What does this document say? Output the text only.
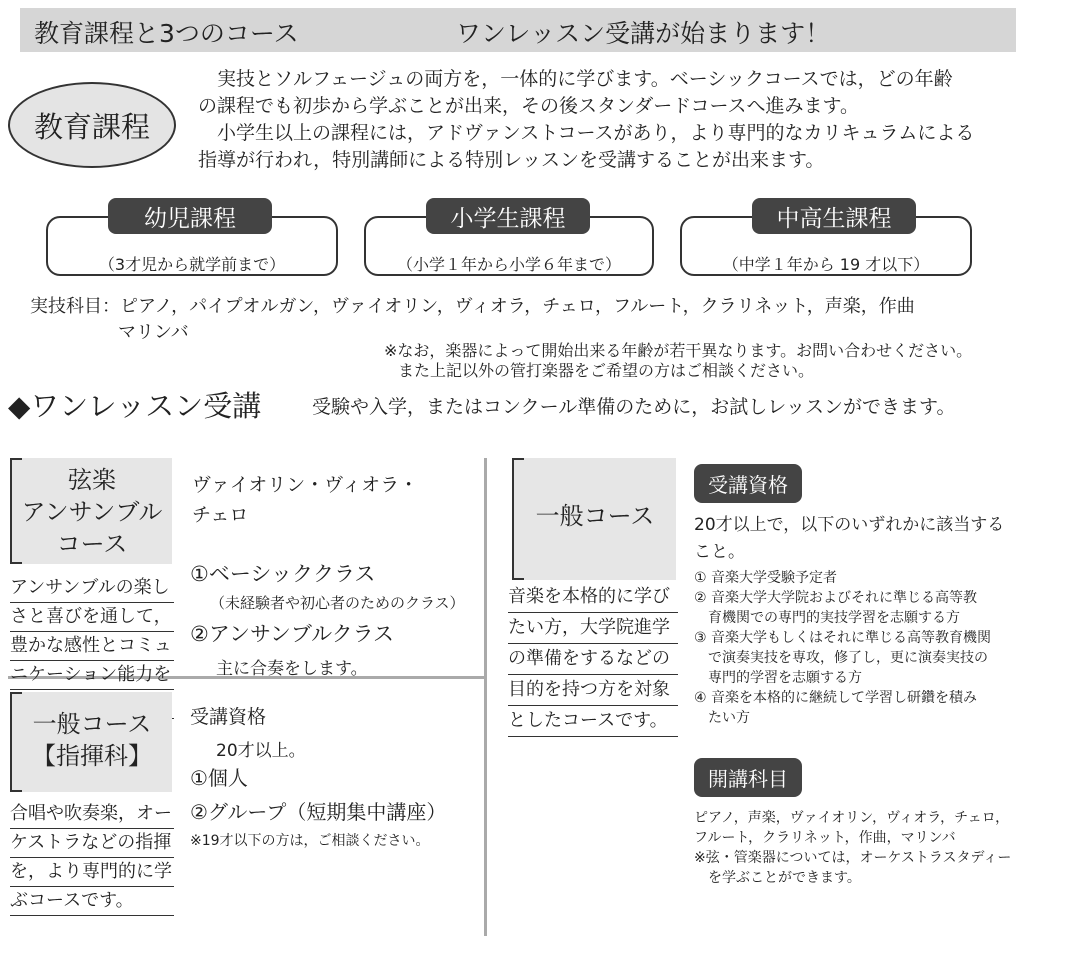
教育課程と3つのコース	ワンレッスン受講が始まります！
教育課程
　実技とソルフェージュの両方を，一体的に学びます。ベーシックコースでは，どの年齢
の課程でも初歩から学ぶことが出来，その後スタンダードコースへ進みます。
　小学生以上の課程には，アドヴァンストコースがあり，より専門的なカリキュラムによる
指導が行われ，特別講師による特別レッスンを受講することが出来ます。
幼児課程
（3才児から就学前まで）
小学生課程
（小学１年から小学６年まで）
中高生課程
（中学１年から 19 才以下）
実技科目：ピアノ，パイプオルガン，ヴァイオリン，ヴィオラ，チェロ，フルート，クラリネット，声楽，作曲
マリンバ
※なお，楽器によって開始出来る年齢が若干異なります。お問い合わせください。
また上記以外の管打楽器をご希望の方はご相談ください。
◆ワンレッスン受講	受験や入学，またはコンクール準備のために，お試しレッスンができます。
弦楽
アンサンブル
コース
アンサンブルの楽し
さと喜びを通して，
豊かな感性とコミュ
ニケーション能力を
ヴァイオリン・ヴィオラ・
チェロ
①ベーシッククラス
（未経験者や初心者のためのクラス）
②アンサンブルクラス
主に合奏をします。
一般コース
【指揮科】
合唱や吹奏楽，オー
ケストラなどの指揮
を，より専門的に学
ぶコースです。
受講資格
20才以上。
①個人
②グループ（短期集中講座）
※19才以下の方は，ご相談ください。
一般コース
音楽を本格的に学び
たい方，大学院進学
の準備をするなどの
目的を持つ方を対象
としたコースです。
受講資格
20才以上で，以下のいずれかに該当する
こと。
① 音楽大学受験予定者
② 音楽大学大学院およびそれに準じる高等教
　育機関での専門的実技学習を志願する方
③ 音楽大学もしくはそれに準じる高等教育機関
　で演奏実技を専攻，修了し，更に演奏実技の
　専門的学習を志願する方
④ 音楽を本格的に継続して学習し研鑽を積み
　たい方
開講科目
ピアノ，声楽，ヴァイオリン，ヴィオラ，チェロ，
フルート，クラリネット，作曲，マリンバ
※弦・管楽器については，オーケストラスタディー
　を学ぶことができます。
